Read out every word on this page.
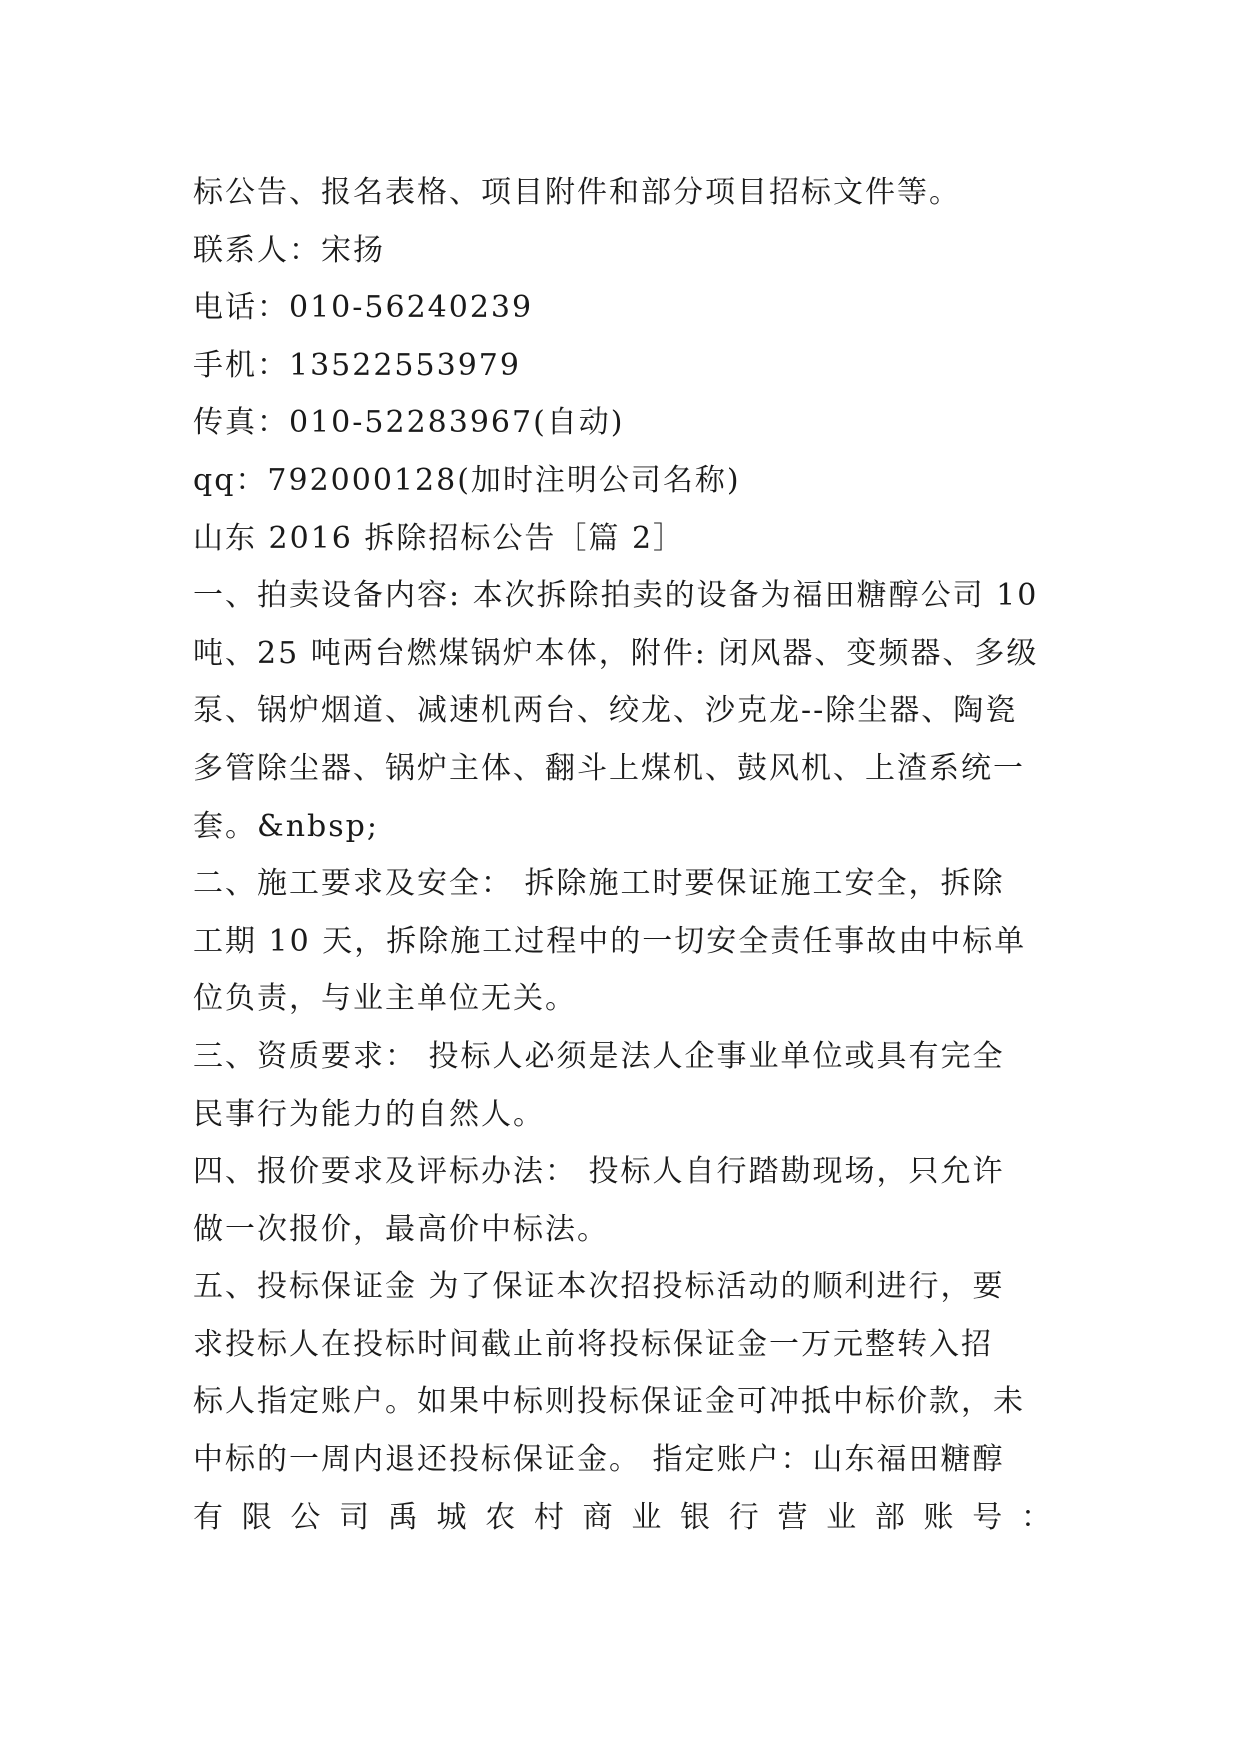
标公告、报名表格、项目附件和部分项目招标文件等。
联系人：宋扬
电话：010-56240239
手机：13522553979
传真：010-52283967(自动)
qq：792000128(加时注明公司名称)
山东 2016 拆除招标公告［篇 2］
一、拍卖设备内容: 本次拆除拍卖的设备为福田糖醇公司 10
吨、25 吨两台燃煤锅炉本体，附件: 闭风器、变频器、多级
泵、锅炉烟道、减速机两台、绞龙、沙克龙--除尘器、陶瓷
多管除尘器、锅炉主体、翻斗上煤机、鼓风机、上渣系统一
套。&nbsp;
二、施工要求及安全： 拆除施工时要保证施工安全，拆除
工期 10 天，拆除施工过程中的一切安全责任事故由中标单
位负责，与业主单位无关。
三、资质要求： 投标人必须是法人企事业单位或具有完全
民事行为能力的自然人。
四、报价要求及评标办法： 投标人自行踏勘现场，只允许
做一次报价，最高价中标法。
五、投标保证金 为了保证本次招投标活动的顺利进行，要
求投标人在投标时间截止前将投标保证金一万元整转入招
标人指定账户。如果中标则投标保证金可冲抵中标价款，未
中标的一周内退还投标保证金。 指定账户：山东福田糖醇
有 限 公 司 禹 城 农 村 商 业 银 行 营 业 部 账 号 ：
